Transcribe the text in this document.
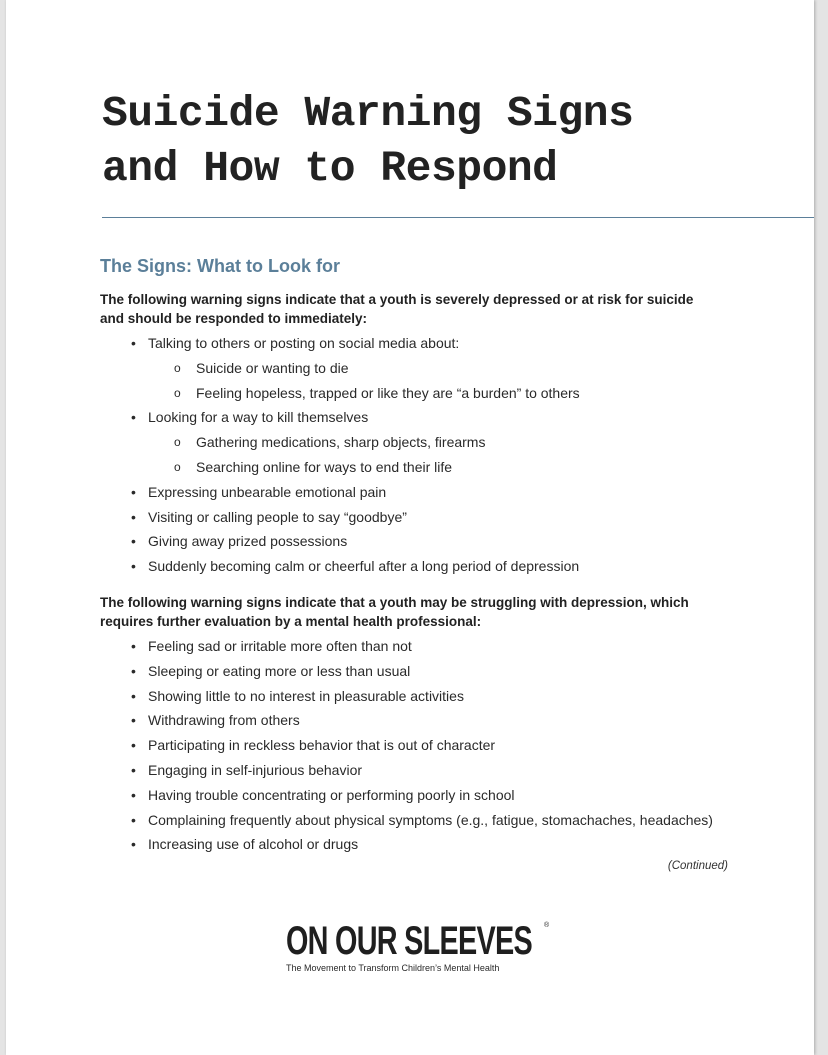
Suicide Warning Signs
and How to Respond
The Signs: What to Look for

The following warning signs indicate that a youth is severely depressed or at risk for suicide and should be responded to immediately:

• Talking to others or posting on social media about:
o Suicide or wanting to die
o Feeling hopeless, trapped or like they are “a burden” to others
• Looking for a way to kill themselves
o Gathering medications, sharp objects, firearms
o Searching online for ways to end their life
• Expressing unbearable emotional pain
• Visiting or calling people to say “goodbye”
• Giving away prized possessions
• Suddenly becoming calm or cheerful after a long period of depression

The following warning signs indicate that a youth may be struggling with depression, which requires further evaluation by a mental health professional:

• Feeling sad or irritable more often than not
• Sleeping or eating more or less than usual
• Showing little to no interest in pleasurable activities
• Withdrawing from others
• Participating in reckless behavior that is out of character
• Engaging in self-injurious behavior
• Having trouble concentrating or performing poorly in school
• Complaining frequently about physical symptoms (e.g., fatigue, stomachaches, headaches)
• Increasing use of alcohol or drugs

(Continued)

ON OUR SLEEVES ®
The Movement to Transform Children’s Mental Health
